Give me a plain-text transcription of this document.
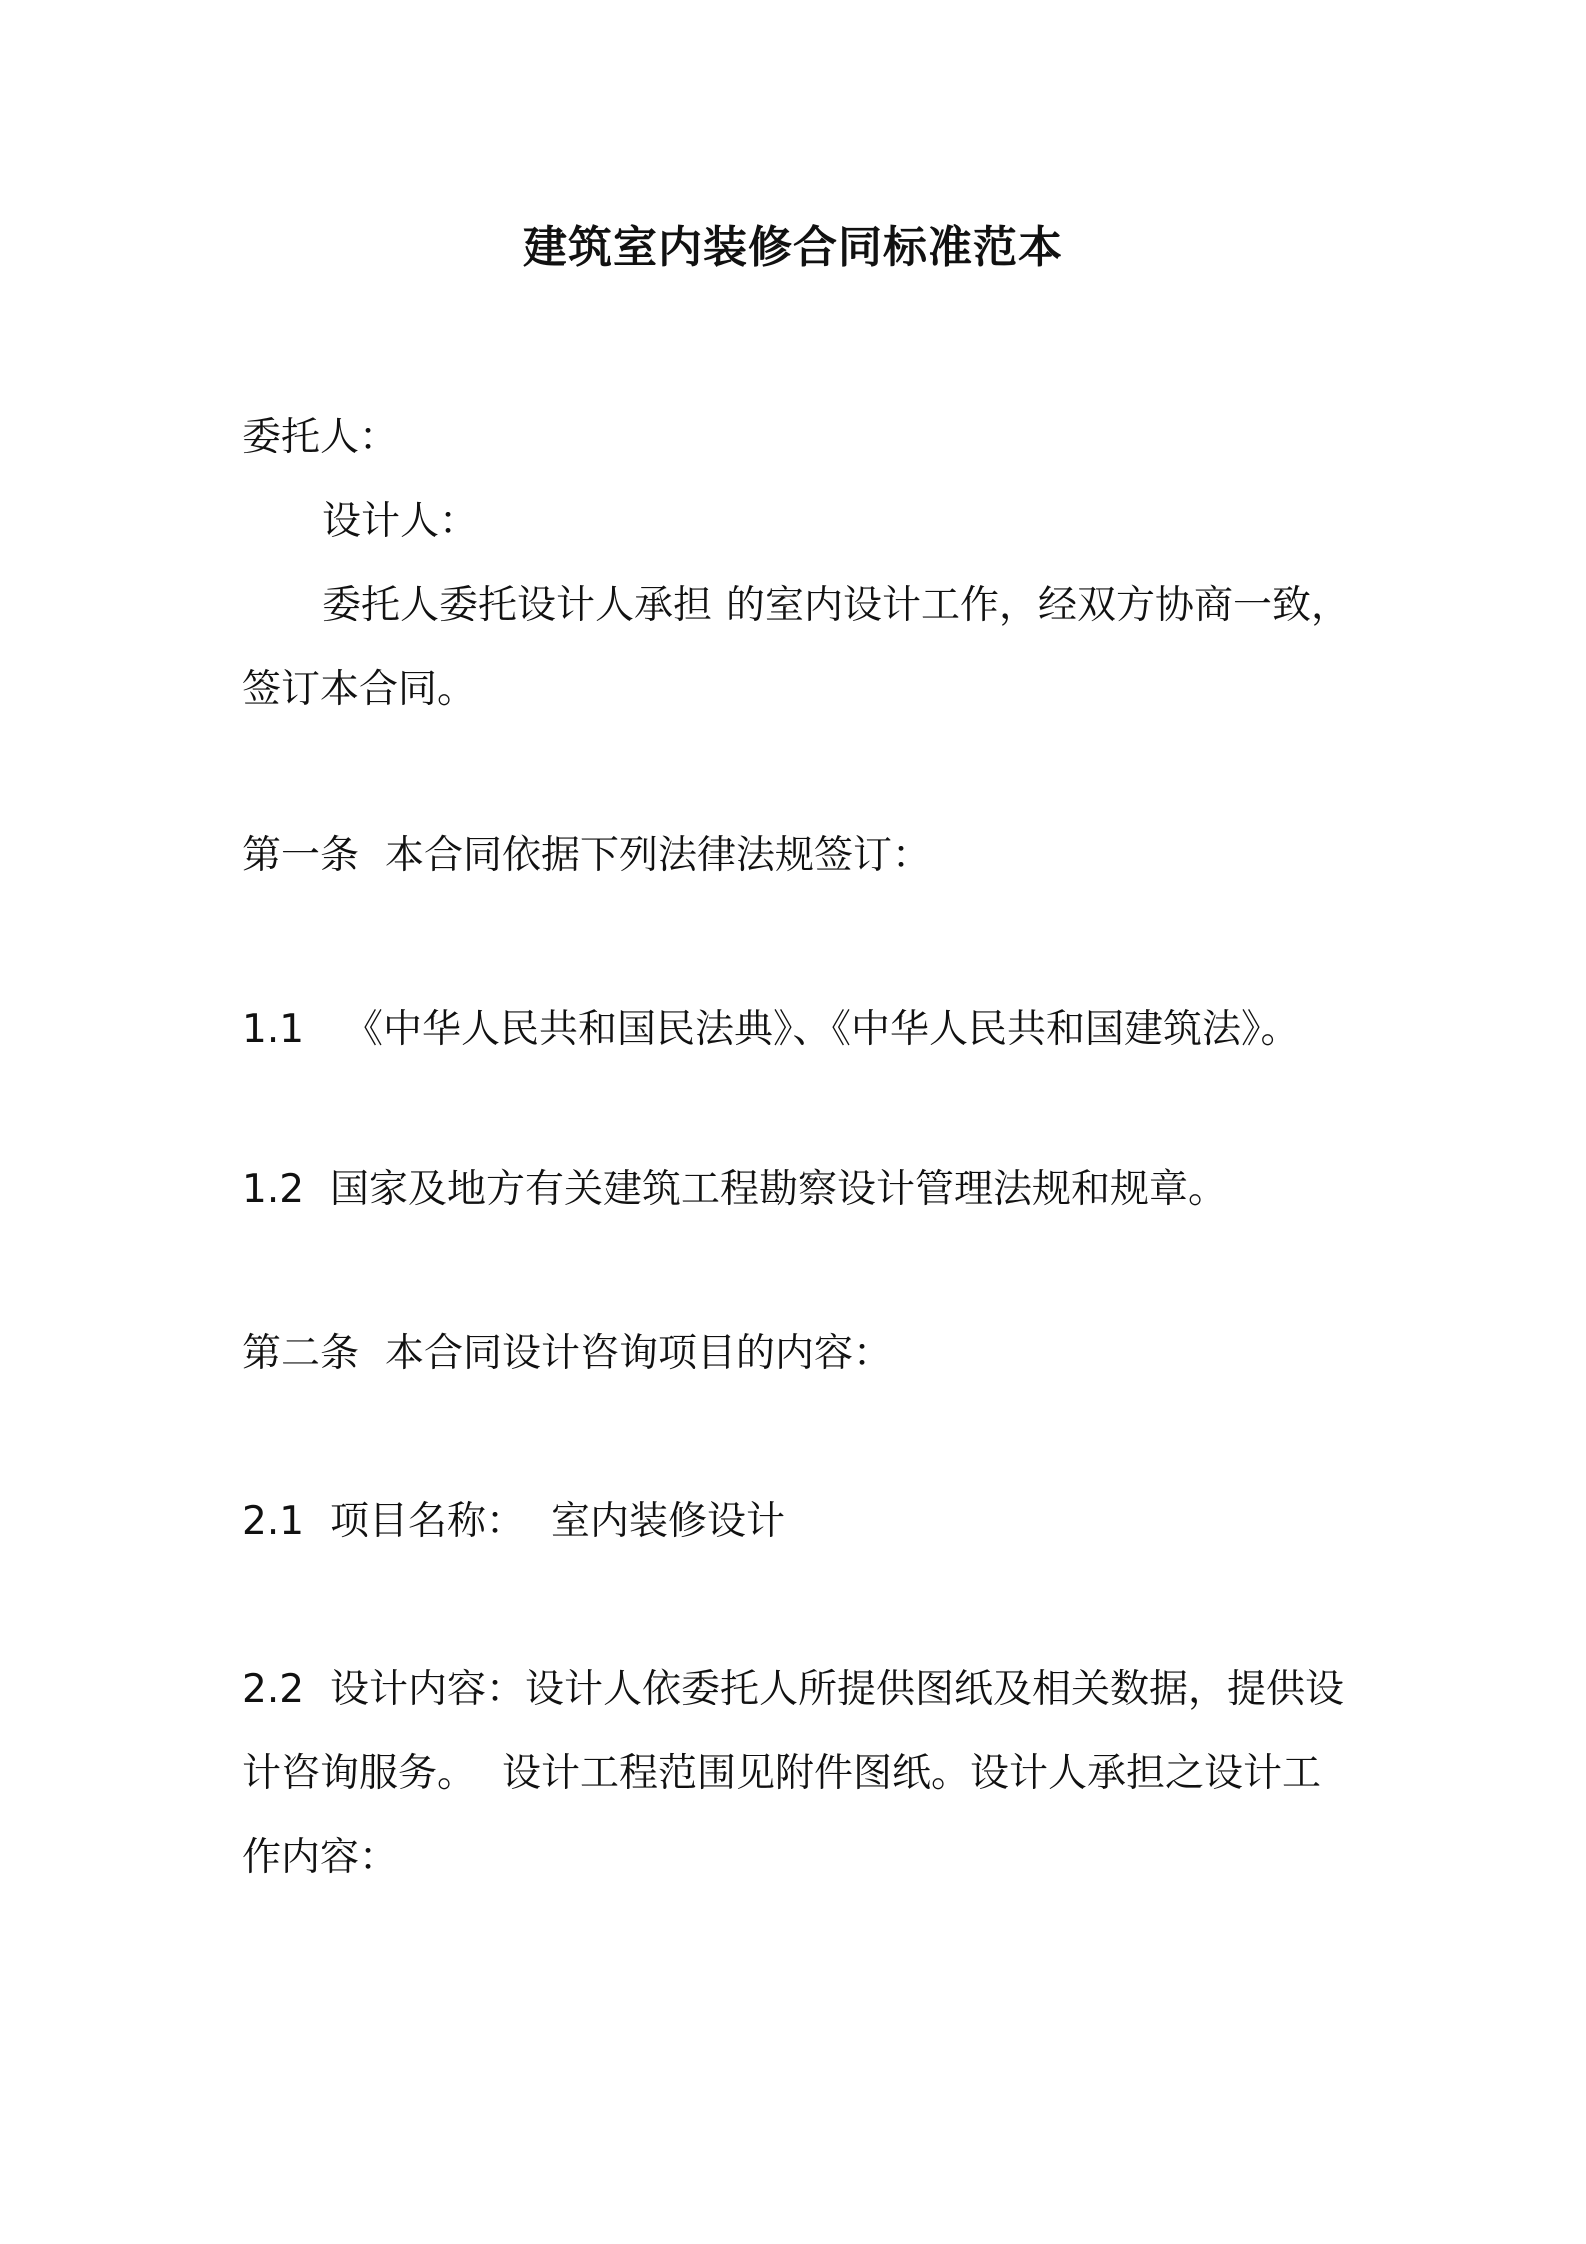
建筑室内装修合同标准范本

委托人：

设计人：

委托人委托设计人承担 的室内设计工作，经双方协商一致，

签订本合同。

第一条 本合同依据下列法律法规签订：

1.1 《中华人民共和国民法典》、《中华人民共和国建筑法》。

1.2 国家及地方有关建筑工程勘察设计管理法规和规章。

第二条 本合同设计咨询项目的内容：

2.1 项目名称： 室内装修设计

2.2 设计内容：设计人依委托人所提供图纸及相关数据，提供设

计咨询服务。 设计工程范围见附件图纸。设计人承担之设计工

作内容：
